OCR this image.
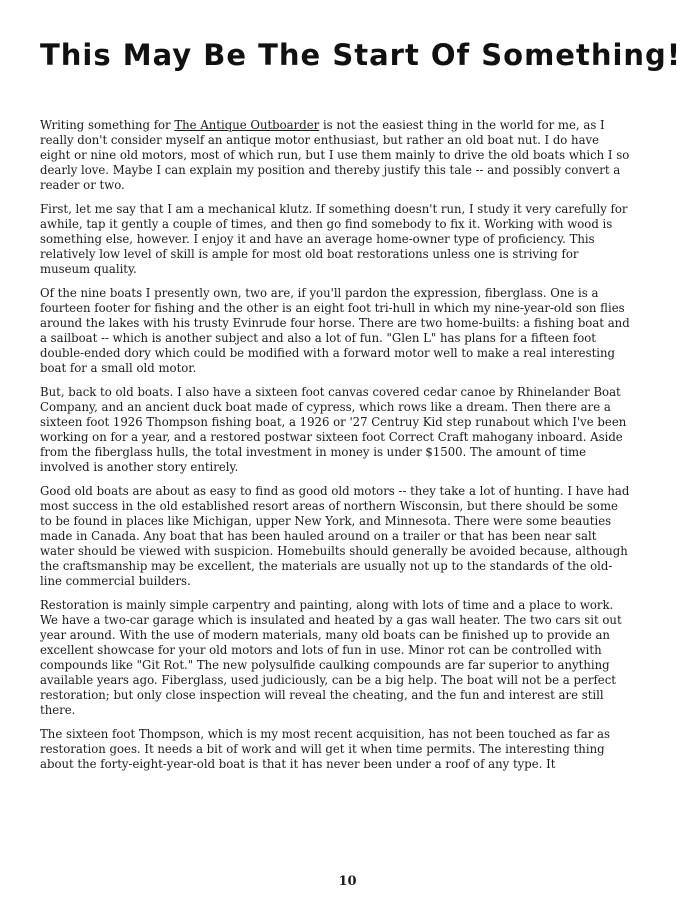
This May Be The Start Of Something!

Writing something for The Antique Outboarder is not the easiest thing in the world for me, as I really don't consider myself an antique motor enthusiast, but rather an old boat nut. I do have eight or nine old motors, most of which run, but I use them mainly to drive the old boats which I so dearly love. Maybe I can explain my position and thereby justify this tale -- and possibly convert a reader or two.

First, let me say that I am a mechanical klutz. If something doesn't run, I study it very carefully for awhile, tap it gently a couple of times, and then go find somebody to fix it. Working with wood is something else, however. I enjoy it and have an average home-owner type of proficiency. This relatively low level of skill is ample for most old boat restorations unless one is striving for museum quality.

Of the nine boats I presently own, two are, if you'll pardon the expression, fiberglass. One is a fourteen footer for fishing and the other is an eight foot tri-hull in which my nine-year-old son flies around the lakes with his trusty Evinrude four horse. There are two home-builts: a fishing boat and a sailboat -- which is another subject and also a lot of fun. "Glen L" has plans for a fifteen foot double-ended dory which could be modified with a forward motor well to make a real interesting boat for a small old motor.

But, back to old boats. I also have a sixteen foot canvas covered cedar canoe by Rhinelander Boat Company, and an ancient duck boat made of cypress, which rows like a dream. Then there are a sixteen foot 1926 Thompson fishing boat, a 1926 or '27 Centruy Kid step runabout which I've been working on for a year, and a restored postwar sixteen foot Correct Craft mahogany inboard. Aside from the fiberglass hulls, the total investment in money is under $1500. The amount of time involved is another story entirely.

Good old boats are about as easy to find as good old motors -- they take a lot of hunting. I have had most success in the old established resort areas of northern Wisconsin, but there should be some to be found in places like Michigan, upper New York, and Minnesota. There were some beauties made in Canada. Any boat that has been hauled around on a trailer or that has been near salt water should be viewed with suspicion. Homebuilts should generally be avoided because, although the craftsmanship may be excellent, the materials are usually not up to the standards of the old-line commercial builders.

Restoration is mainly simple carpentry and painting, along with lots of time and a place to work. We have a two-car garage which is insulated and heated by a gas wall heater. The two cars sit out year around. With the use of modern materials, many old boats can be finished up to provide an excellent showcase for your old motors and lots of fun in use. Minor rot can be controlled with compounds like "Git Rot." The new polysulfide caulking compounds are far superior to anything available years ago. Fiberglass, used judiciously, can be a big help. The boat will not be a perfect restoration; but only close inspection will reveal the cheating, and the fun and interest are still there.

The sixteen foot Thompson, which is my most recent acquisition, has not been touched as far as restoration goes. It needs a bit of work and will get it when time permits. The interesting thing about the forty-eight-year-old boat is that it has never been under a roof of any type. It

10
